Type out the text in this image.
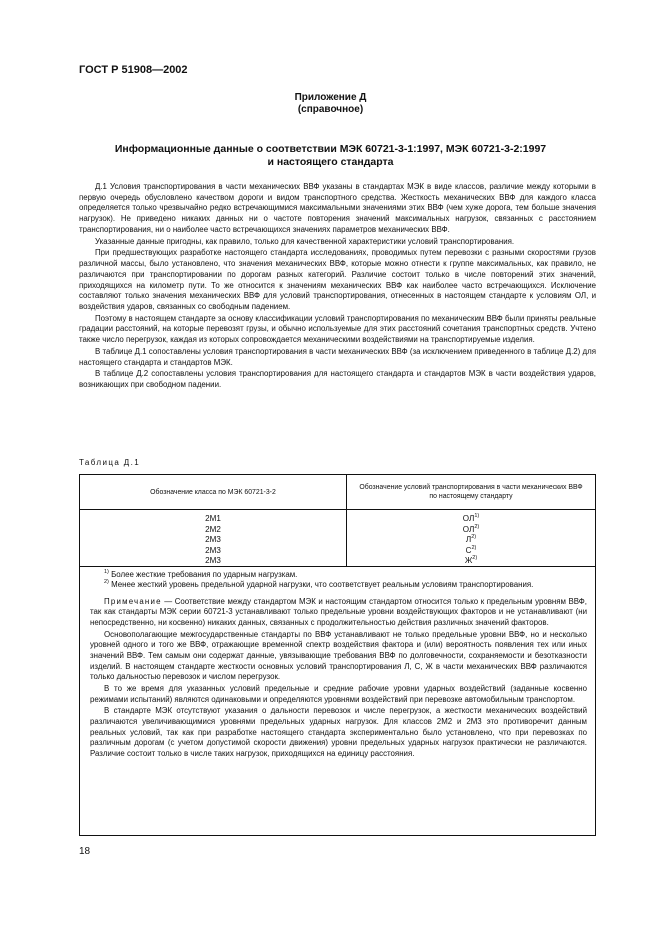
ГОСТ Р 51908—2002
Приложение Д
(справочное)
Информационные данные о соответствии МЭК 60721-3-1:1997, МЭК 60721-3-2:1997
и настоящего стандарта

Д.1 Условия транспортирования в части механических ВВФ указаны в стандартах МЭК в виде классов, различие между которыми в первую очередь обусловлено качеством дороги и видом транспортного средства. Жесткость механических ВВФ для каждого класса определяется только чрезвычайно редко встречающимися максимальными значениями этих ВВФ (чем хуже дорога, тем больше значения нагрузок). Не приведено никаких данных ни о частоте повторения значений максимальных нагрузок, связанных с расстоянием транспортирования, ни о наиболее часто встречающихся значениях параметров механических ВВФ.

Указанные данные пригодны, как правило, только для качественной характеристики условий транспортирования.

При предшествующих разработке настоящего стандарта исследованиях, проводимых путем перевозки с разными скоростями грузов различной массы, было установлено, что значения механических ВВФ, которые можно отнести к группе максимальных, как правило, не различаются при транспортировании по дорогам разных категорий. Различие состоит только в числе повторений этих значений, приходящихся на километр пути. То же относится к значениям механических ВВФ как наиболее часто встречающихся. Исключение составляют только значения механических ВВФ для условий транспортирования, отнесенных в настоящем стандарте к условиям ОЛ, и воздействия ударов, связанных со свободным падением.

Поэтому в настоящем стандарте за основу классификации условий транспортирования по механическим ВВФ были приняты реальные градации расстояний, на которые перевозят грузы, и обычно используемые для этих расстояний сочетания транспортных средств. Учтено также число перегрузок, каждая из которых сопровождается механическими воздействиями на транспортируемые изделия.

В таблице Д.1 сопоставлены условия транспортирования в части механических ВВФ (за исключением приведенного в таблице Д.2) для настоящего стандарта и стандартов МЭК.

В таблице Д.2 сопоставлены условия транспортирования для настоящего стандарта и стандартов МЭК в части воздействия ударов, возникающих при свободном падении.

Таблица Д.1
Обозначение класса по МЭК 60721-3-2
Обозначение условий транспортирования в части механических ВВФ по настоящему стандарту
2M1
2M2
2M3
2M3
2M3
ОЛ$^{1)}$
ОЛ$^{2)}$
$Л^{2)}$
$С^{2)}$
$Ж^{2)}$

$^{1)}$ Более жесткие требования по ударным нагрузкам.

$^{2)}$ Менее жесткий уровень предельной ударной нагрузки, что соответствует реальным условиям транспортирования.

Примечание — Соответствие между стандартом МЭК и настоящим стандартом относится только к предельным уровням ВВФ, так как стандарты МЭК серии 60721-3 устанавливают только предельные уровни воздействующих факторов и не устанавливают (ни непосредственно, ни косвенно) никаких данных, связанных с продолжительностью действия различных значений факторов.

Основополагающие межгосударственные стандарты по ВВФ устанавливают не только предельные уровни ВВФ, но и несколько уровней одного и того же ВВФ, отражающие временной спектр воздействия фактора и (или) вероятность появления тех или иных значений ВВФ. Тем самым они содержат данные, увязывающие требования ВВФ по долговечности, сохраняемости и безотказности изделий. В настоящем стандарте жесткости основных условий транспортирования Л, С, Ж в части механических ВВФ различаются только дальностью перевозок и числом перегрузок.

В то же время для указанных условий предельные и средние рабочие уровни ударных воздействий (заданные косвенно режимами испытаний) являются одинаковыми и определяются уровнями воздействий при перевозке автомобильным транспортом.

В стандарте МЭК отсутствуют указания о дальности перевозок и числе перегрузок, а жесткости механических воздействий различаются увеличивающимися уровнями предельных ударных нагрузок. Для классов 2M2 и 2M3 это противоречит данным реальных условий, так как при разработке настоящего стандарта экспериментально было установлено, что при перевозках по различным дорогам (с учетом допустимой скорости движения) уровни предельных ударных нагрузок практически не различаются. Различие состоит только в числе таких нагрузок, приходящихся на единицу расстояния.

18
